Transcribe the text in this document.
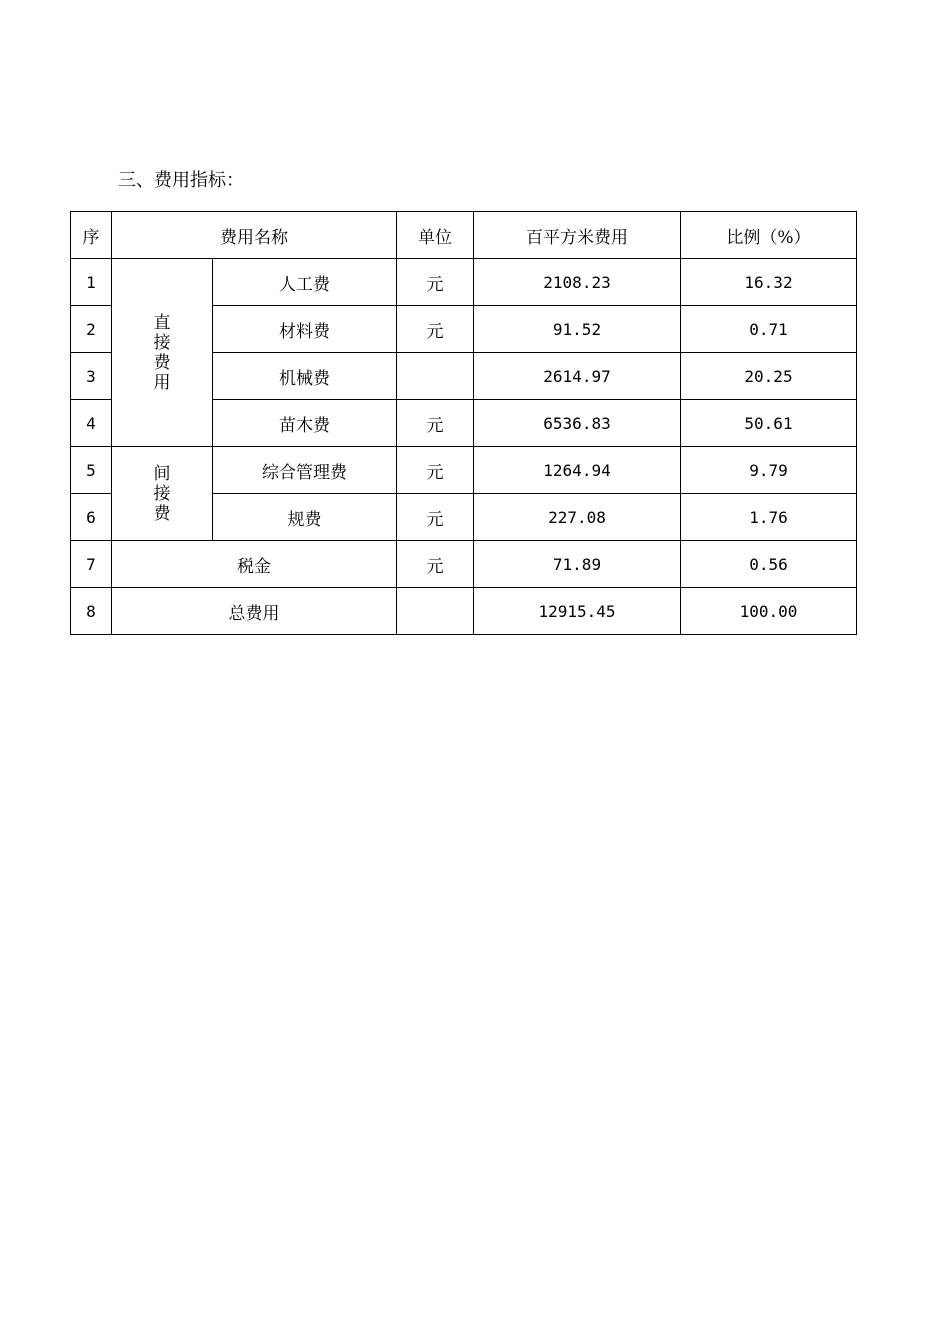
三、费用指标：
序	费用名称		单位	百平方米费用	比例（%）
1	直接费用	人工费	元	2108.23	16.32
2		材料费	元	91.52	0.71
3		机械费		2614.97	20.25
4		苗木费	元	6536.83	50.61
5	间接费	综合管理费	元	1264.94	9.79
6		规费	元	227.08	1.76
7	税金		元	71.89	0.56
8	总费用			12915.45	100.00
